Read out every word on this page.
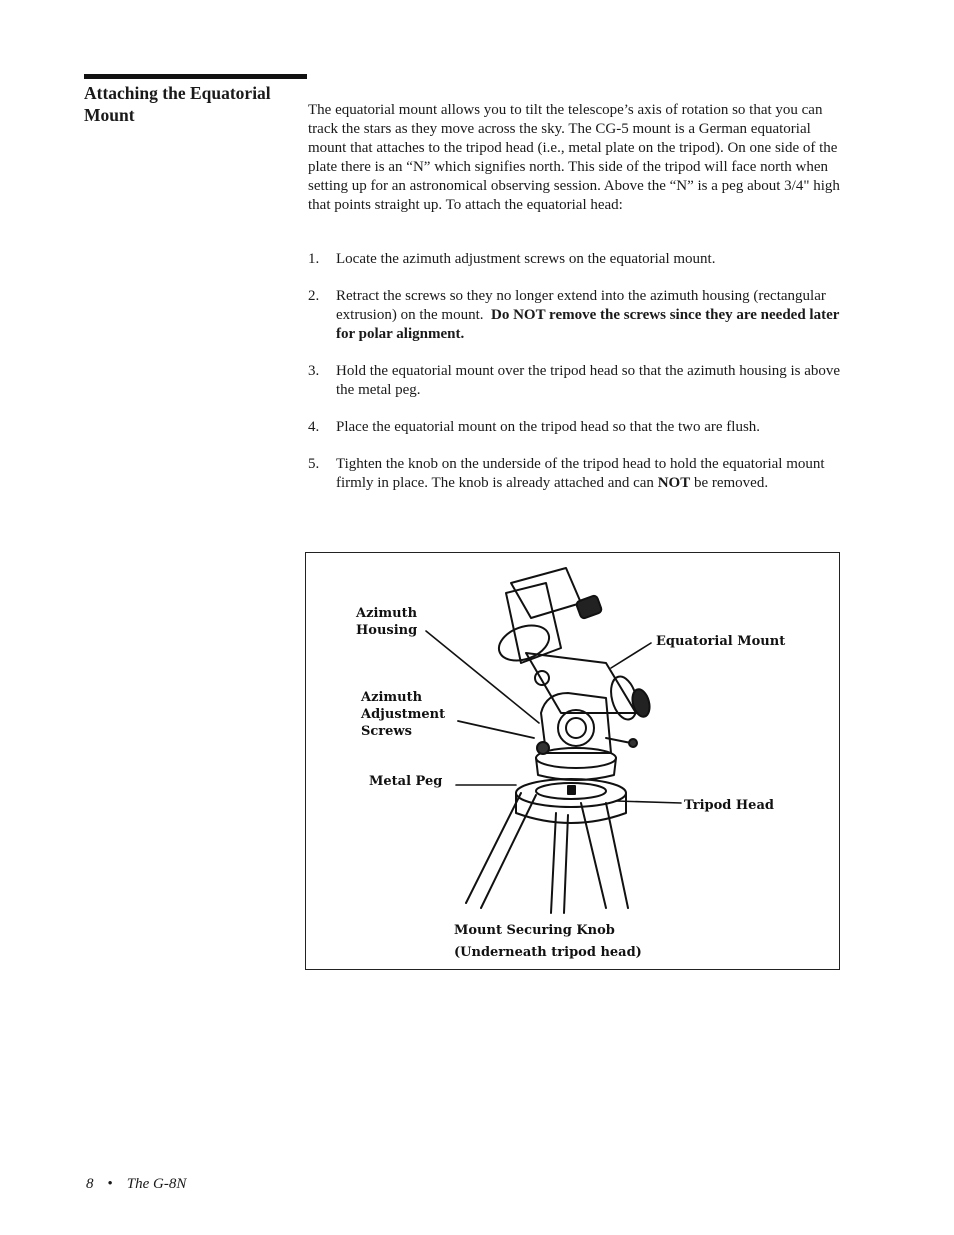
Attaching the Equatorial Mount	The equatorial mount allows you to tilt the telescope’s axis of rotation so that you can track the stars as they move across the sky. The CG-5 mount is a German equatorial mount that attaches to the tripod head (i.e., metal plate on the tripod). On one side of the plate there is an “N” which signifies north. This side of the tripod will face north when setting up for an astronomical observing session. Above the “N” is a peg about 3/4" high that points straight up. To attach the equatorial head:

1. Locate the azimuth adjustment screws on the equatorial mount.
2. Retract the screws so they no longer extend into the azimuth housing (rectangular extrusion) on the mount. Do NOT remove the screws since they are needed later for polar alignment.
3. Hold the equatorial mount over the tripod head so that the azimuth housing is above the metal peg.
4. Place the equatorial mount on the tripod head so that the two are flush.
5. Tighten the knob on the underside of the tripod head to hold the equatorial mount firmly in place. The knob is already attached and can NOT be removed.
Azimuth
Housing
Azimuth
Adjustment
Screws
Metal Peg
Equatorial Mount
Tripod Head
Mount Securing Knob
(Underneath tripod head)
8 • The G-8N
